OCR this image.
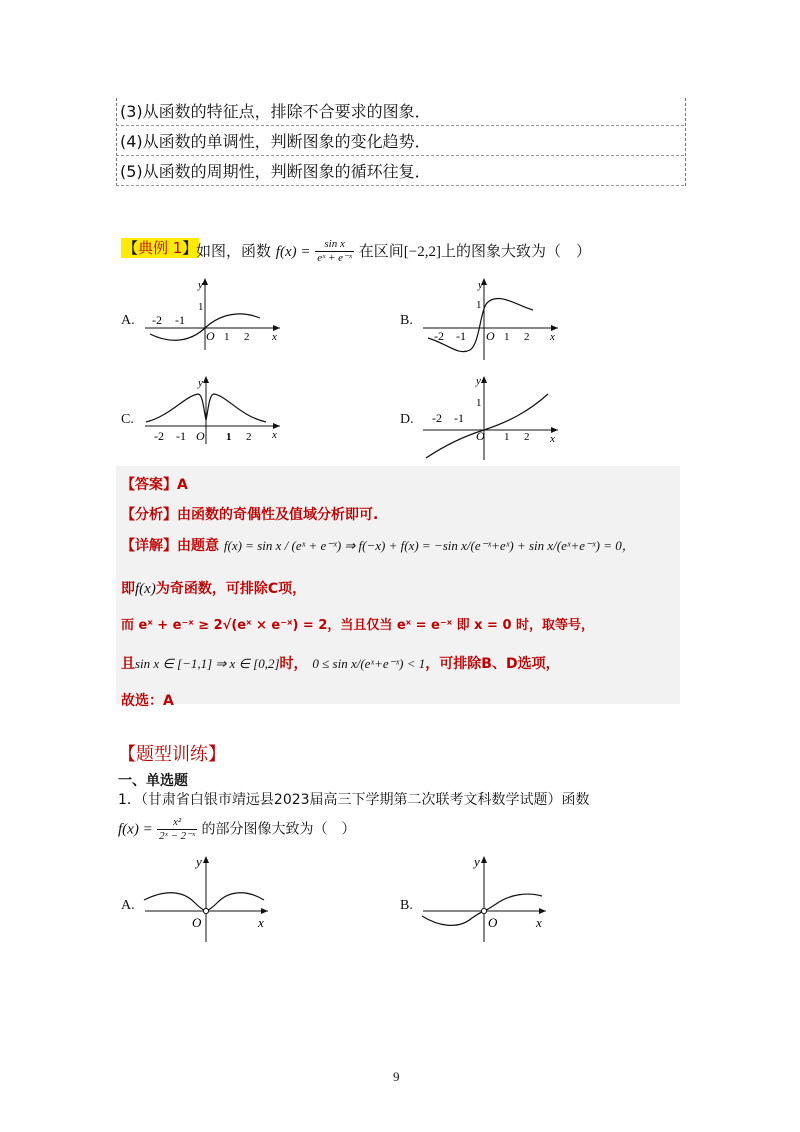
(3)从函数的特征点，排除不合要求的图象．
(4)从函数的单调性，判断图象的变化趋势．
(5)从函数的周期性，判断图象的循环往复．
【典例 1】
如图，函数 $f(x) = \frac{\text{sin x}}{\text{eˣ + e⁻ˣ}}$ 在区间[−2,2]上的图象大致为（　）
A.
y
x
1
-2 -1
O 1 2
B.
y
x
1
-2 -1 O 1 2
C.
y
x
-2 -1 O 1 2
D.
y
x
1
-2 -1
O 1 2
【答案】A
【分析】由函数的奇偶性及值域分析即可.
【详解】由题意 f(x) = sin x / (eˣ + e⁻ˣ) ⇒ f(−x) + f(x) = −sin x/(e⁻ˣ+eˣ) + sin x/(eˣ+e⁻ˣ) = 0，
即f(x)为奇函数，可排除C项，
而 eˣ + e⁻ˣ ≥ 2√(eˣ × e⁻ˣ) = 2，当且仅当 eˣ = e⁻ˣ 即 x = 0 时，取等号，
且sin x ∈ [−1,1] ⇒ x ∈ [0,2]时， 0 ≤ sin x/(eˣ+e⁻ˣ) < 1，可排除B、D选项，
故选：A
【题型训练】
一、单选题
1．（甘肃省白银市靖远县2023届高三下学期第二次联考文科数学试题）函数
$f(x) = \frac{\text{x²}}{\text{2ˣ − 2⁻ˣ}}$ 的部分图像大致为（　）
A.
y
x
O
B.
y
x
O
9
